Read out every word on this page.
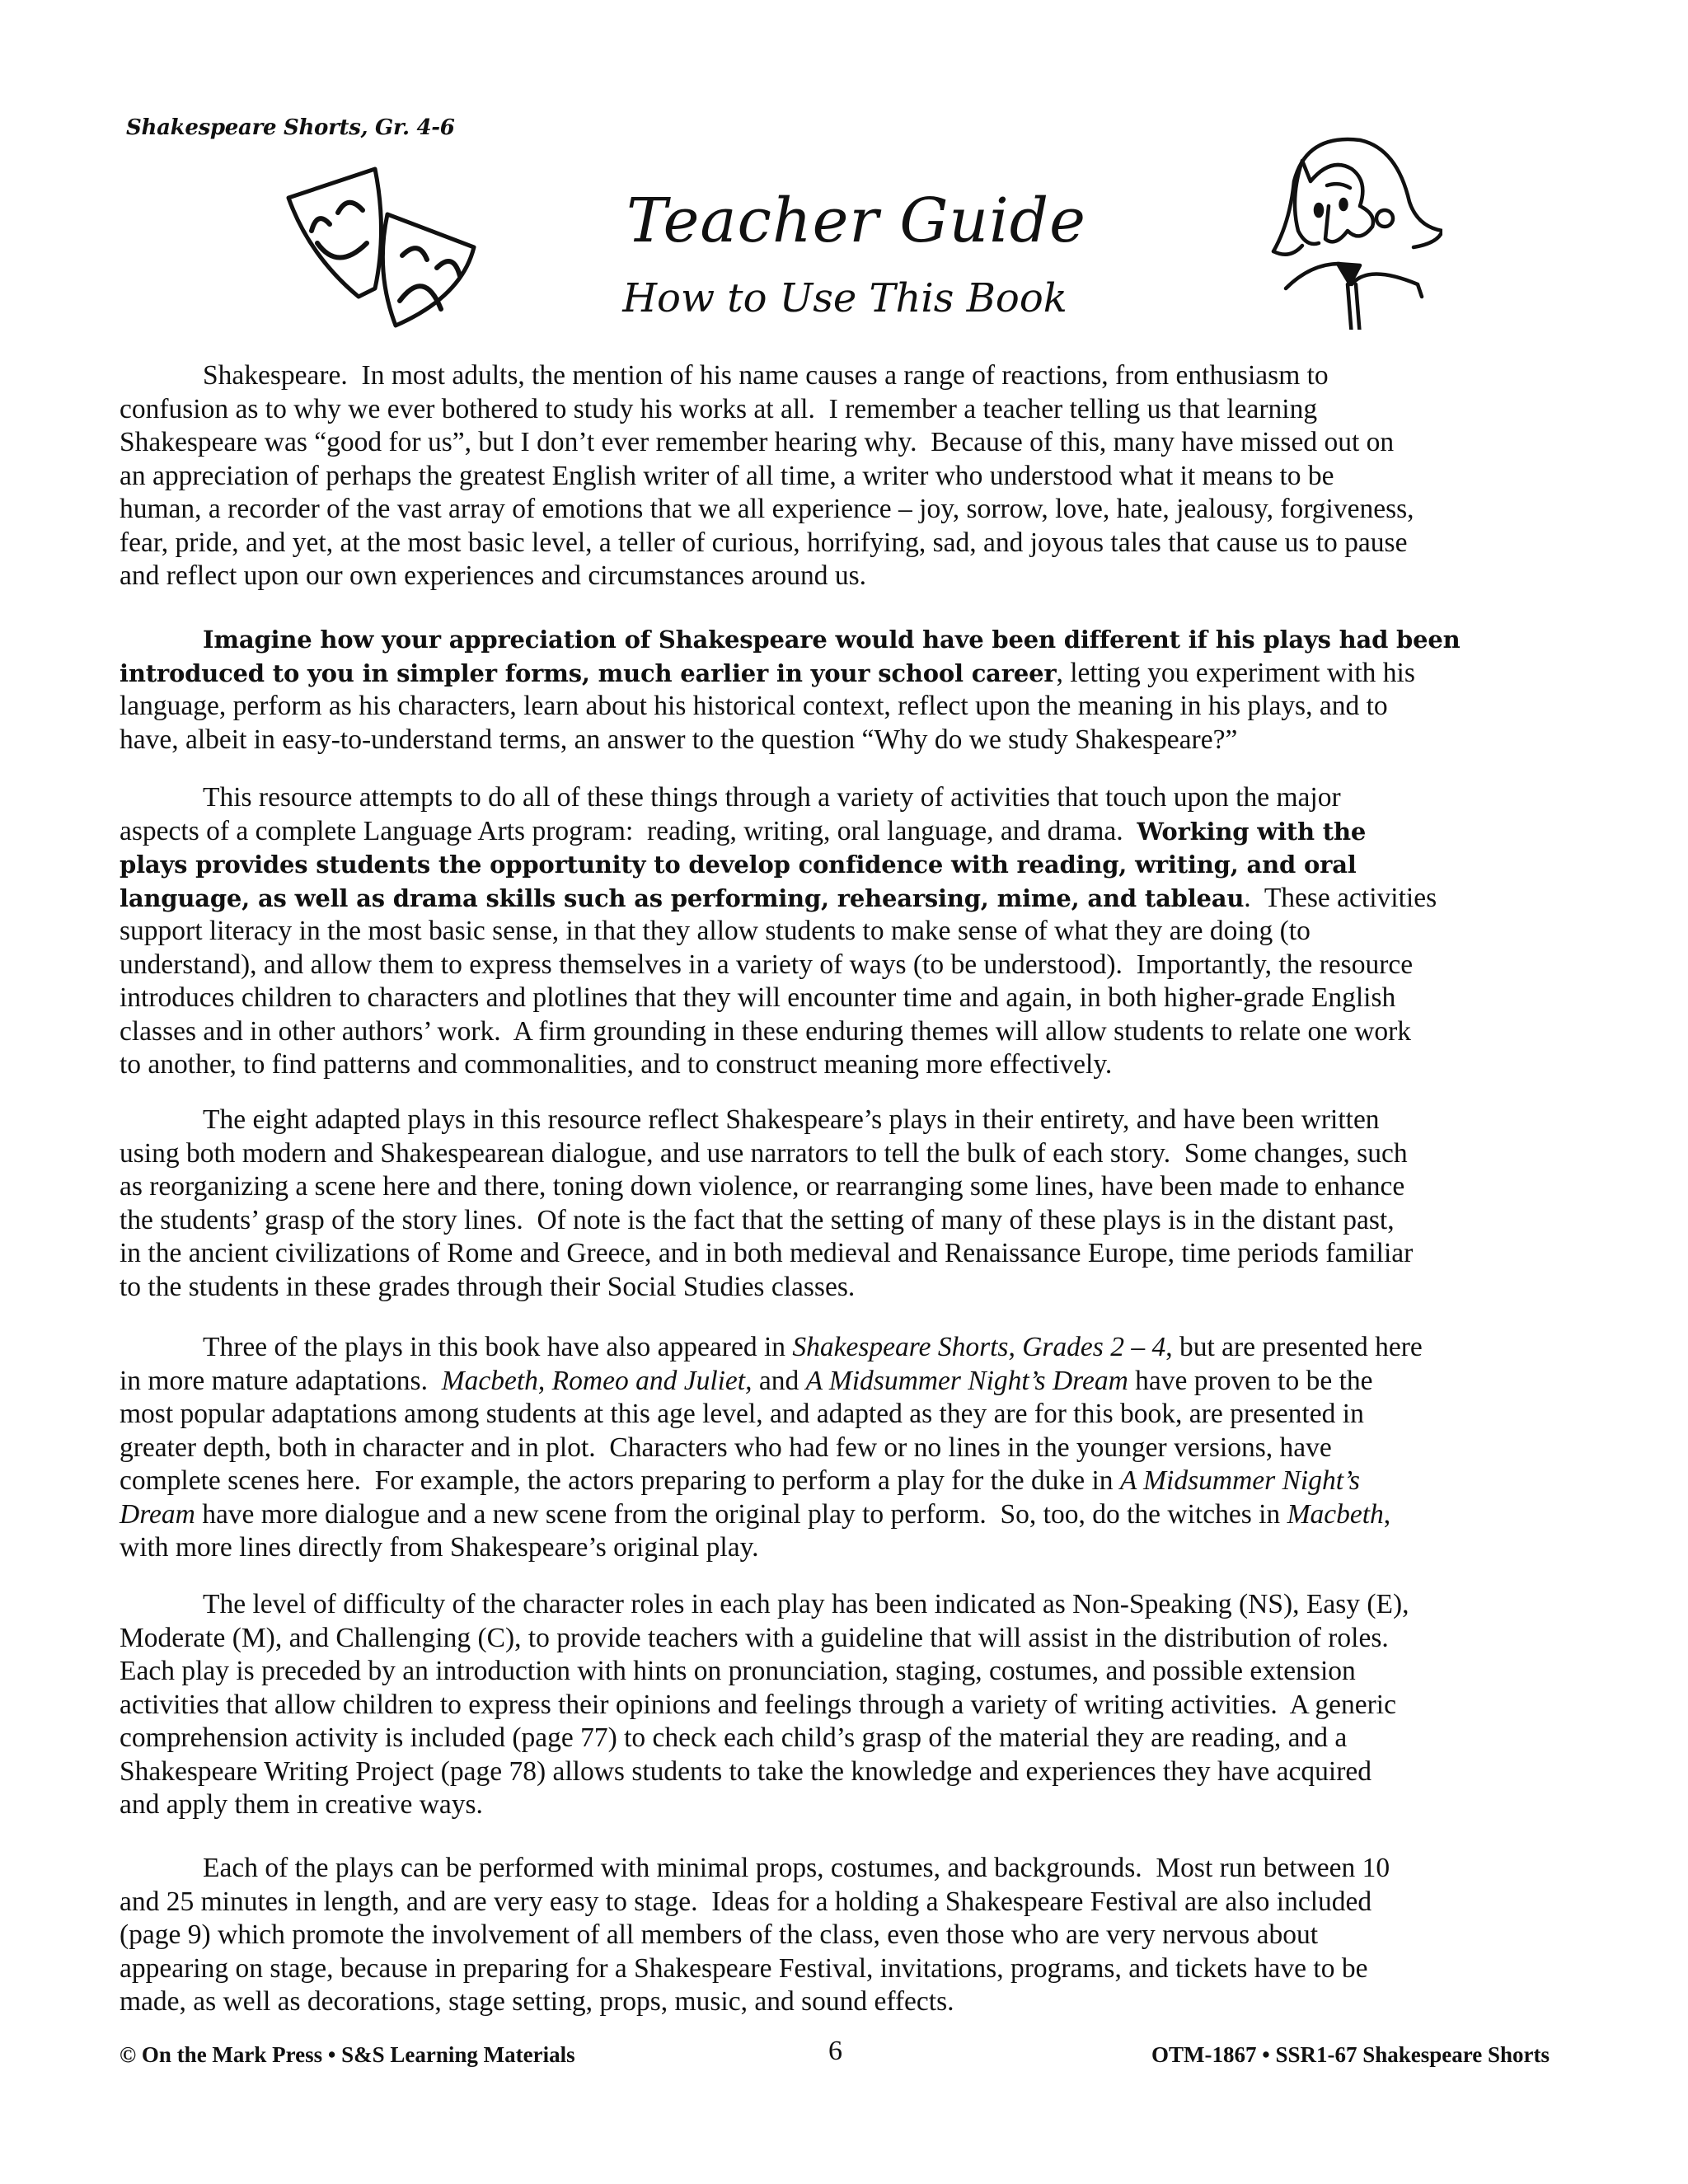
Shakespeare Shorts, Gr. 4-6
Teacher Guide
How to Use This Book
Shakespeare.  In most adults, the mention of his name causes a range of reactions, from enthusiasm to
confusion as to why we ever bothered to study his works at all.  I remember a teacher telling us that learning
Shakespeare was “good for us”, but I don’t ever remember hearing why.  Because of this, many have missed out on
an appreciation of perhaps the greatest English writer of all time, a writer who understood what it means to be
human, a recorder of the vast array of emotions that we all experience – joy, sorrow, love, hate, jealousy, forgiveness,
fear, pride, and yet, at the most basic level, a teller of curious, horrifying, sad, and joyous tales that cause us to pause
and reflect upon our own experiences and circumstances around us.
Imagine how your appreciation of Shakespeare would have been different if his plays had been
introduced to you in simpler forms, much earlier in your school career, letting you experiment with his
language, perform as his characters, learn about his historical context, reflect upon the meaning in his plays, and to
have, albeit in easy-to-understand terms, an answer to the question “Why do we study Shakespeare?”
This resource attempts to do all of these things through a variety of activities that touch upon the major
aspects of a complete Language Arts program:  reading, writing, oral language, and drama.  Working with the
plays provides students the opportunity to develop confidence with reading, writing, and oral
language, as well as drama skills such as performing, rehearsing, mime, and tableau.  These activities
support literacy in the most basic sense, in that they allow students to make sense of what they are doing (to
understand), and allow them to express themselves in a variety of ways (to be understood).  Importantly, the resource
introduces children to characters and plotlines that they will encounter time and again, in both higher-grade English
classes and in other authors’ work.  A firm grounding in these enduring themes will allow students to relate one work
to another, to find patterns and commonalities, and to construct meaning more effectively.
The eight adapted plays in this resource reflect Shakespeare’s plays in their entirety, and have been written
using both modern and Shakespearean dialogue, and use narrators to tell the bulk of each story.  Some changes, such
as reorganizing a scene here and there, toning down violence, or rearranging some lines, have been made to enhance
the students’ grasp of the story lines.  Of note is the fact that the setting of many of these plays is in the distant past,
in the ancient civilizations of Rome and Greece, and in both medieval and Renaissance Europe, time periods familiar
to the students in these grades through their Social Studies classes.
Three of the plays in this book have also appeared in Shakespeare Shorts, Grades 2 – 4, but are presented here
in more mature adaptations.  Macbeth, Romeo and Juliet, and A Midsummer Night’s Dream have proven to be the
most popular adaptations among students at this age level, and adapted as they are for this book, are presented in
greater depth, both in character and in plot.  Characters who had few or no lines in the younger versions, have
complete scenes here.  For example, the actors preparing to perform a play for the duke in A Midsummer Night’s
Dream have more dialogue and a new scene from the original play to perform.  So, too, do the witches in Macbeth,
with more lines directly from Shakespeare’s original play.
The level of difficulty of the character roles in each play has been indicated as Non-Speaking (NS), Easy (E),
Moderate (M), and Challenging (C), to provide teachers with a guideline that will assist in the distribution of roles.
Each play is preceded by an introduction with hints on pronunciation, staging, costumes, and possible extension
activities that allow children to express their opinions and feelings through a variety of writing activities.  A generic
comprehension activity is included (page 77) to check each child’s grasp of the material they are reading, and a
Shakespeare Writing Project (page 78) allows students to take the knowledge and experiences they have acquired
and apply them in creative ways.
Each of the plays can be performed with minimal props, costumes, and backgrounds.  Most run between 10
and 25 minutes in length, and are very easy to stage.  Ideas for a holding a Shakespeare Festival are also included
(page 9) which promote the involvement of all members of the class, even those who are very nervous about
appearing on stage, because in preparing for a Shakespeare Festival, invitations, programs, and tickets have to be
made, as well as decorations, stage setting, props, music, and sound effects.
© On the Mark Press • S&S Learning Materials	6	OTM-1867 • SSR1-67 Shakespeare Shorts
